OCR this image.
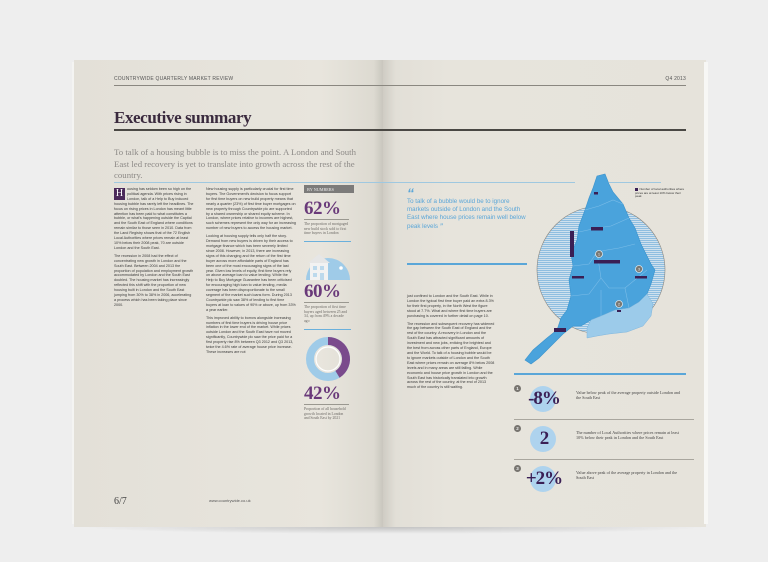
COUNTRYWIDE QUARTERLY MARKET REVIEW
Executive summary

To talk of a housing bubble is to miss the point. A London and South East led recovery is yet to translate into growth across the rest of the country.

H	ousing has seldom been so high on the political agenda. With prices rising in London, talk of a Help to Buy induced housing bubble has rarely left the headlines. The focus on rising prices in London has meant little attention has been paid to what constitutes a bubble, or what's happening outside the Capital and the South East of England where conditions remain similar to those seen in 2010. Data from the Land Registry shows that of the 72 English Local Authorities where prices remain at least 10% below their 2008 peak, 70 are outside London and the South East.

The recession in 2008 had the effect of concentrating new growth in London and the South East. Between 2004 and 2013 the proportion of population and employment growth accommodated by London and the South East doubled. The housing market has increasingly reflected this shift with the proportion of new housing built in London and the South East jumping from 30% to 38% in 2006, accelerating a process which has been taking place since 2000.

New housing supply is particularly crucial for first time buyers. The Government's decision to focus support for first time buyers on new build property means that nearly a quarter (23%) of first time buyer mortgages on new property through Countrywide plc are supported by a shared ownership or shared equity scheme. In London, where prices relative to incomes are highest, such schemes represent the only way for an increasing number of new buyers to access the housing market.

Looking at housing supply tells only half the story. Demand from new buyers is driven by their access to mortgage finance which has been severely limited since 2008. However, in 2013, there are increasing signs of this changing and the return of the first time buyer across more affordable parts of England has been one of the most encouraging signs of the last year. Given low levels of equity, first time buyers rely on above average loan to value lending. While the Help to Buy Mortgage Guarantee has been criticised for encouraging high loan to value lending, media coverage has been disproportionate to the small segment of the market such loans form. During 2013 Countrywide plc saw 38% of lending to first time buyers at loan to values of 90% or above, up from 33% a year earlier.

This improved ability to borrow alongside increasing numbers of first time buyers is driving house price inflation in the lower end of the market. While prices outside London and the South East have not moved significantly, Countrywide plc saw the price paid for a first property rise 8% between Q3 2012 and Q3 2013, twice the 4.6% rate of average house price increase. These increases are not

BY NUMBERS
62%
The proportion of mortgaged new build stock sold to first time buyers in London
60%
The proportion of first time buyers aged between 25 and 34, up from 49% a decade ago
42%
Proportion of all household growth located in London and South East by 2021
6/7	www.countrywide.co.uk
Q4 2013
“
To talk of a bubble would be to ignore markets outside of London and the South East where house prices remain well below peak levels ”

just confined to London and the South East. While in London the typical first time buyer paid an extra 8.3% for their first property, in the North West the figure stood at 7.7%. What and where first time buyers are purchasing is covered in further detail on page 10.

The recession and subsequent recovery has widened the gap between the South East of England and the rest of the country. A recovery in London and the South East has attracted significant amounts of investment and new jobs, enticing the brightest and the best from across other parts of England, Europe and the World. To talk of a housing bubble would be to ignore markets outside of London and the South East where prices remain on average 8% below 2008 levels and in many areas are still falling. While economic and house price growth in London and the South East has historically translated into growth across the rest of the country, at the end of 2013 much of the country is still waiting.

1
2
3
Number of local authorities where prices are at least 10% below their peak
1 -8%	Value below peak of the average property outside London and the South East
2	2	The number of Local Authorities where prices remain at least 10% below their peak in London and the South East
3 +2%	Value above peak of the average property in London and the South East
